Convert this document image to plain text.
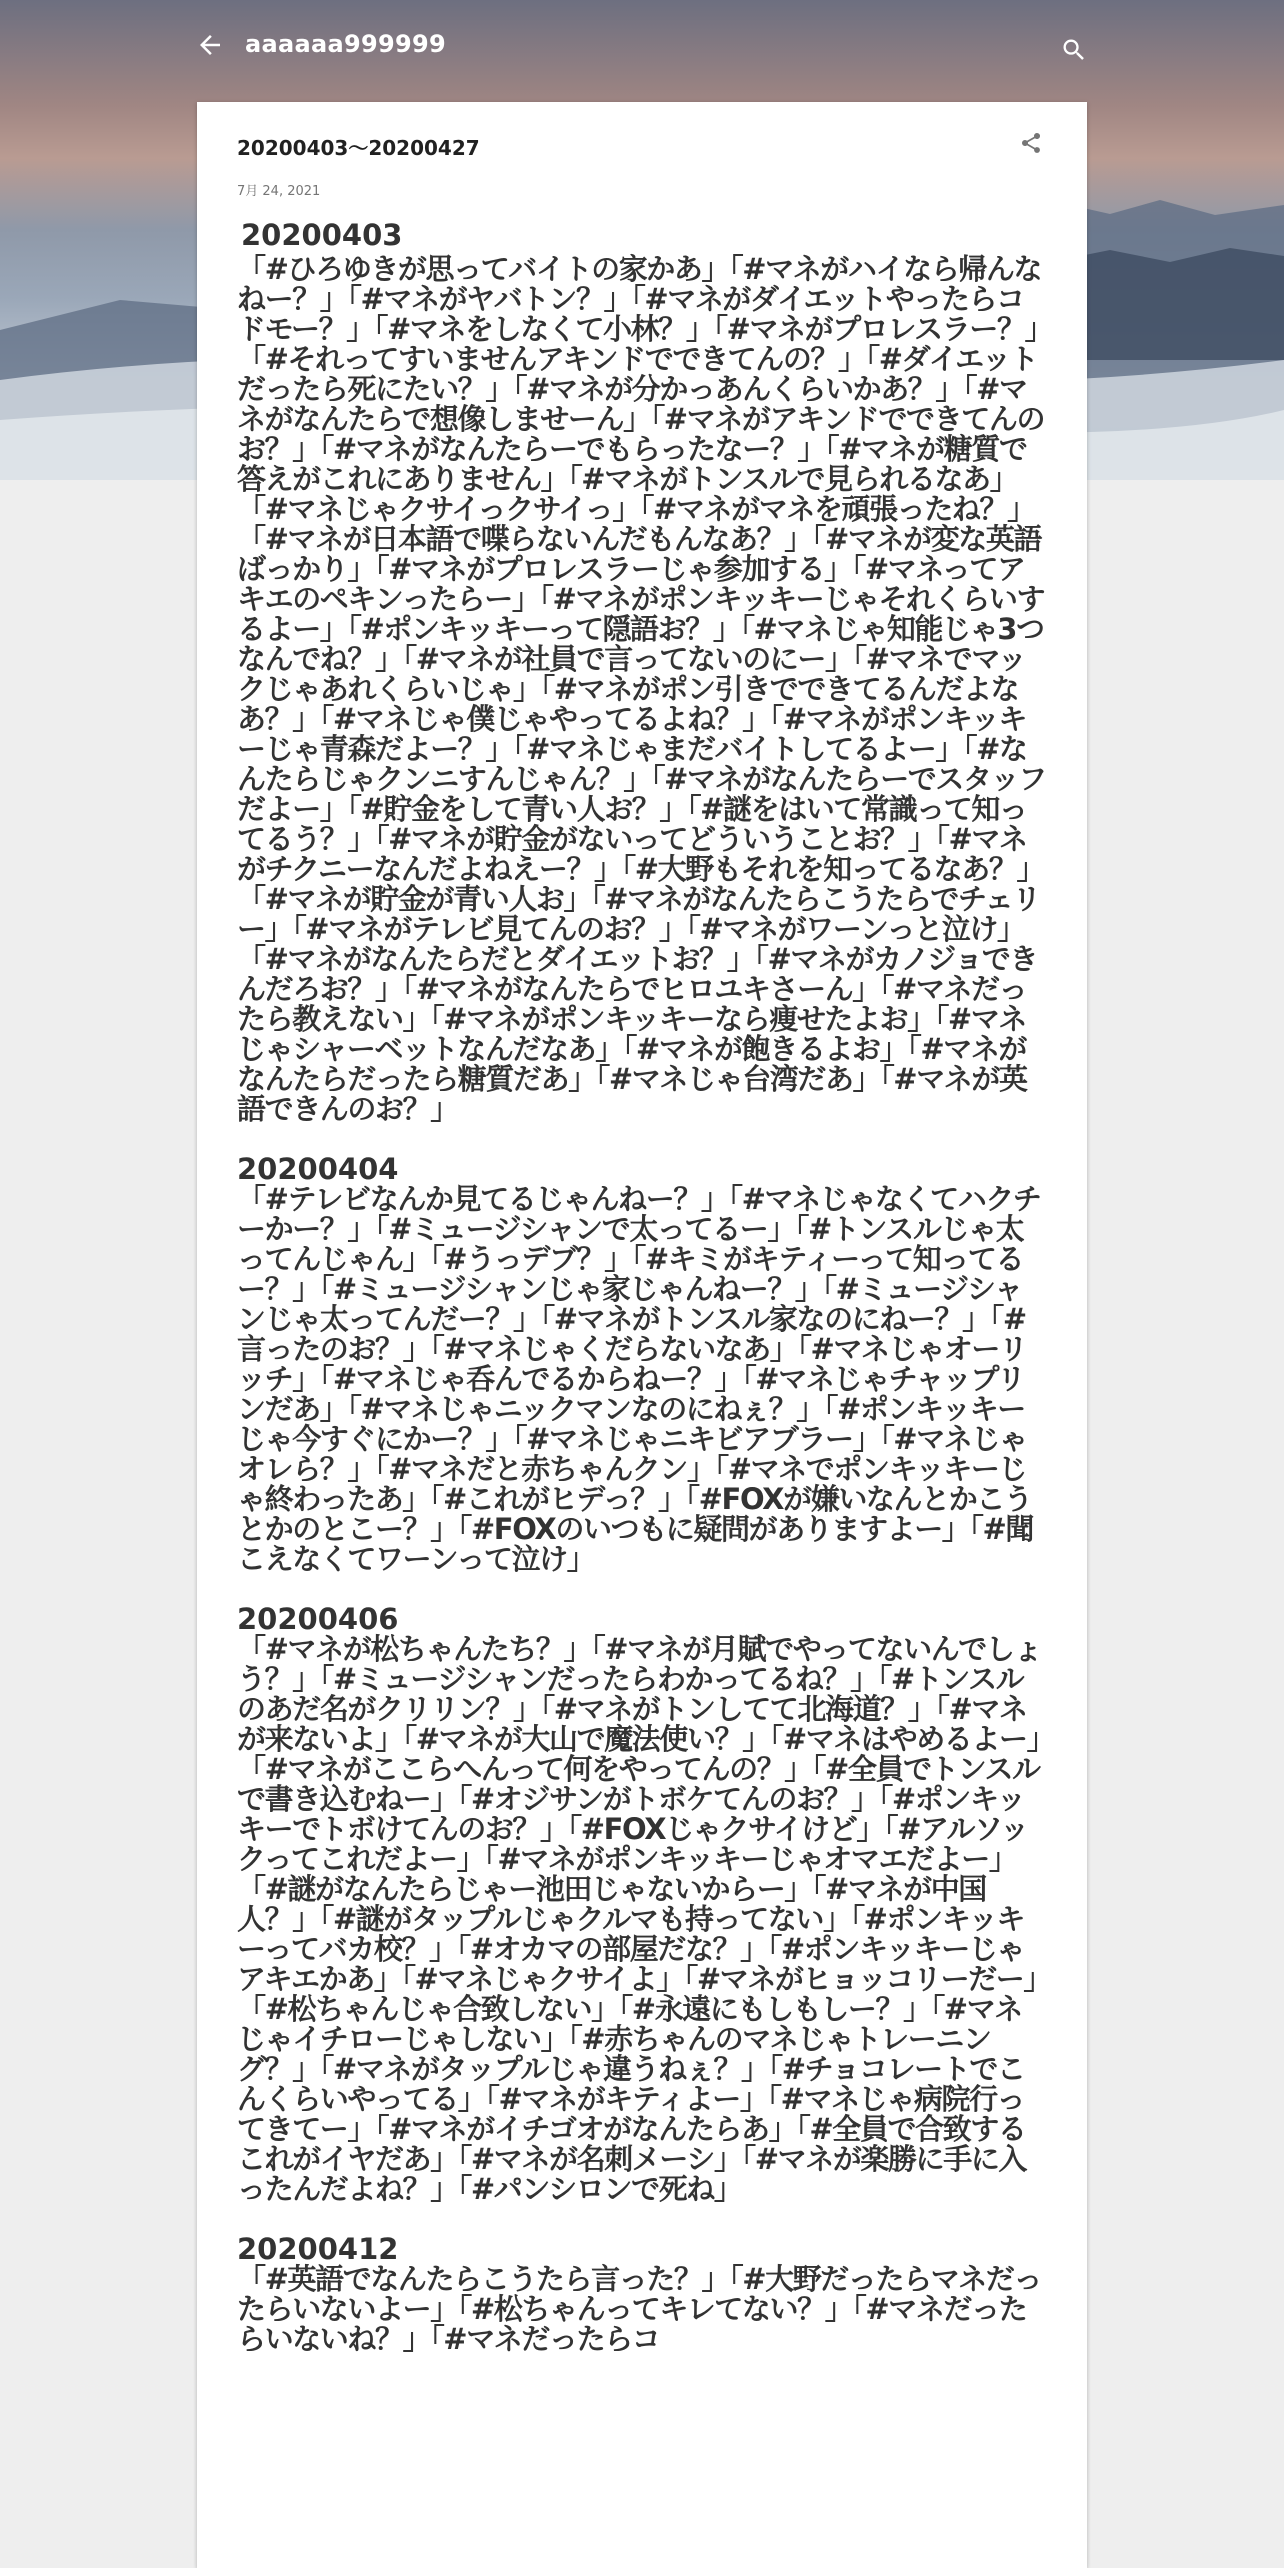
aaaaaa999999
20200403～20200427
7月 24, 2021
20200403
「#ひろゆきが思ってバイトの家かあ」「#マネがハイなら帰んなねー？」「#マネがヤバトン？」「#マネがダイエットやったらコドモー？」「#マネをしなくて小林？」「#マネがプロレスラー？」「#それってすいませんアキンドでできてんの？」「#ダイエットだったら死にたい？」「#マネが分かっあんくらいかあ？」「#マネがなんたらで想像しませーん」「#マネがアキンドでできてんのお？」「#マネがなんたらーでもらったなー？」「#マネが糖質で答えがこれにありません」「#マネがトンスルで見られるなあ」「#マネじゃクサイっクサイっ」「#マネがマネを頑張ったね？」「#マネが日本語で喋らないんだもんなあ？」「#マネが変な英語ばっかり」「#マネがプロレスラーじゃ参加する」「#マネってアキエのペキンったらー」「#マネがポンキッキーじゃそれくらいするよー」「#ポンキッキーって隠語お？」「#マネじゃ知能じゃ3つなんでね？」「#マネが社員で言ってないのにー」「#マネでマックじゃあれくらいじゃ」「#マネがポン引きでできてるんだよなあ？」「#マネじゃ僕じゃやってるよね？」「#マネがポンキッキーじゃ青森だよー？」「#マネじゃまだバイトしてるよー」「#なんたらじゃクンニすんじゃん？」「#マネがなんたらーでスタッフだよー」「#貯金をして青い人お？」「#謎をはいて常識って知ってるう？」「#マネが貯金がないってどういうことお？」「#マネがチクニーなんだよねえー？」「#大野もそれを知ってるなあ？」「#マネが貯金が青い人お」「#マネがなんたらこうたらでチェリー」「#マネがテレビ見てんのお？」「#マネがワーンっと泣け」「#マネがなんたらだとダイエットお？」「#マネがカノジョできんだろお？」「#マネがなんたらでヒロユキさーん」「#マネだったら教えない」「#マネがポンキッキーなら痩せたよお」「#マネじゃシャーベットなんだなあ」「#マネが飽きるよお」「#マネがなんたらだったら糖質だあ」「#マネじゃ台湾だあ」「#マネが英語できんのお？」
20200404
「#テレビなんか見てるじゃんねー？」「#マネじゃなくてハクチーかー？」「#ミュージシャンで太ってるー」「#トンスルじゃ太ってんじゃん」「#うっデブ？」「#キミがキティーって知ってるー？」「#ミュージシャンじゃ家じゃんねー？」「#ミュージシャンじゃ太ってんだー？」「#マネがトンスル家なのにねー？」「#言ったのお？」「#マネじゃくだらないなあ」「#マネじゃオーリッチ」「#マネじゃ呑んでるからねー？」「#マネじゃチャップリンだあ」「#マネじゃニックマンなのにねぇ？」「#ポンキッキーじゃ今すぐにかー？」「#マネじゃニキビアブラー」「#マネじゃオレら？」「#マネだと赤ちゃんクン」「#マネでポンキッキーじゃ終わったあ」「#これがヒデっ？」「#FOXが嫌いなんとかこうとかのとこー？」「#FOXのいつもに疑問がありますよー」「#聞こえなくてワーンって泣け」
20200406
「#マネが松ちゃんたち？」「#マネが月賦でやってないんでしょう？」「#ミュージシャンだったらわかってるね？」「#トンスルのあだ名がクリリン？」「#マネがトンしてて北海道？」「#マネが来ないよ」「#マネが大山で魔法使い？」「#マネはやめるよー」「#マネがここらへんって何をやってんの？」「#全員でトンスルで書き込むねー」「#オジサンがトボケてんのお？」「#ポンキッキーでトボけてんのお？」「#FOXじゃクサイけど」「#アルソックってこれだよー」「#マネがポンキッキーじゃオマエだよー」「#謎がなんたらじゃー池田じゃないからー」「#マネが中国人？」「#謎がタップルじゃクルマも持ってない」「#ポンキッキーってバカ校？」「#オカマの部屋だな？」「#ポンキッキーじゃアキエかあ」「#マネじゃクサイよ」「#マネがヒョッコリーだー」「#松ちゃんじゃ合致しない」「#永遠にもしもしー？」「#マネじゃイチローじゃしない」「#赤ちゃんのマネじゃトレーニング？」「#マネがタップルじゃ違うねぇ？」「#チョコレートでこんくらいやってる」「#マネがキティよー」「#マネじゃ病院行ってきてー」「#マネがイチゴオがなんたらあ」「#全員で合致するこれがイヤだあ」「#マネが名刺メーシ」「#マネが楽勝に手に入ったんだよね？」「#パンシロンで死ね」
20200412
「#英語でなんたらこうたら言った？」「#大野だったらマネだったらいないよー」「#松ちゃんってキレてない？」「#マネだったらいないね？」「#マネだったらコ
